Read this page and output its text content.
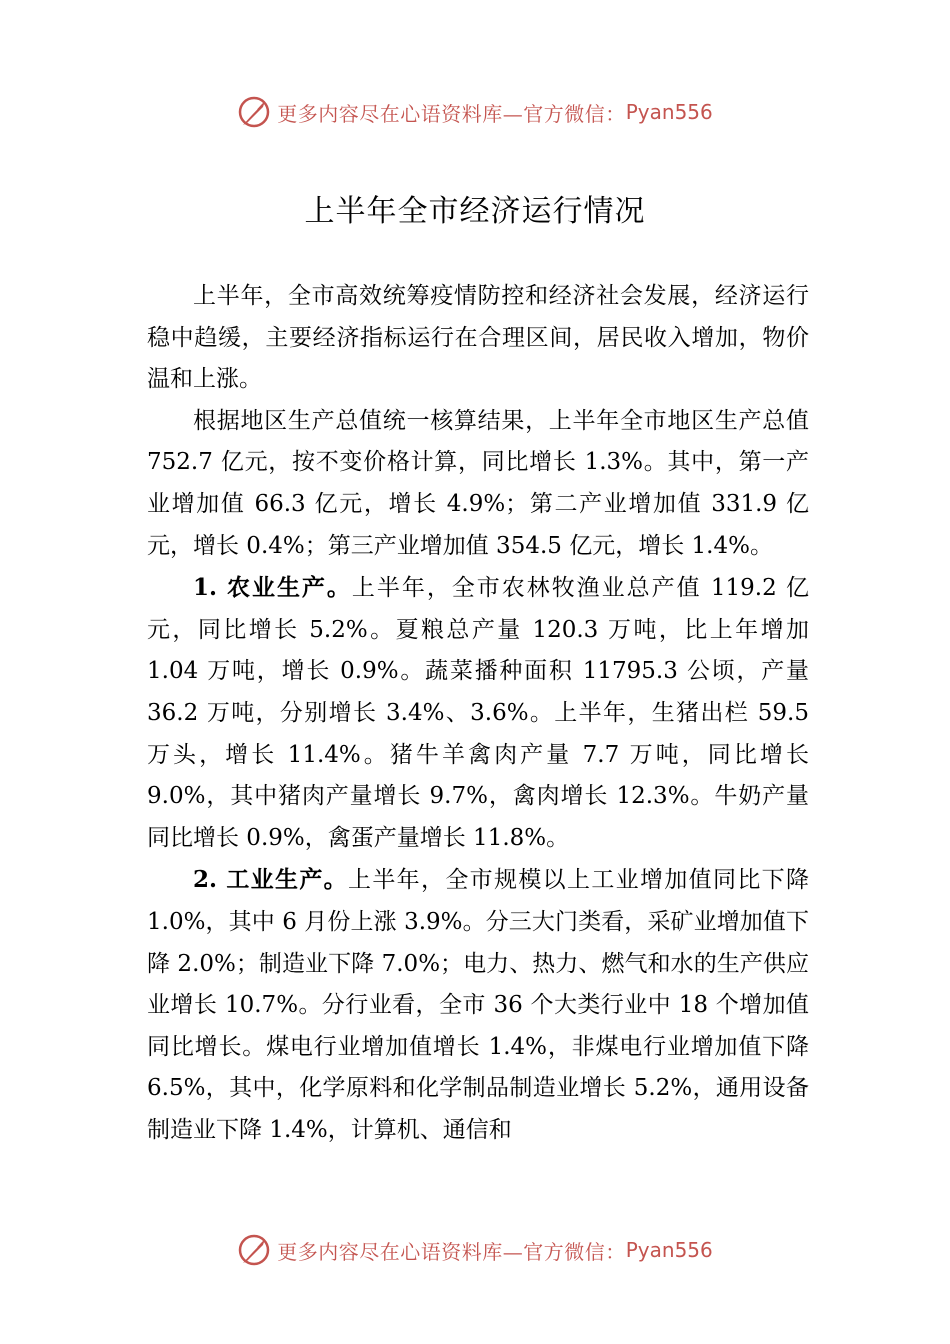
更多内容尽在心语资料库—官方微信： Pyan556
上半年全市经济运行情况

上半年，全市高效统筹疫情防控和经济社会发展，经济运行稳中趋缓，主要经济指标运行在合理区间，居民收入增加，物价温和上涨。

根据地区生产总值统一核算结果，上半年全市地区生产总值 752.7 亿元，按不变价格计算，同比增长 1.3%。其中，第一产业增加值 66.3 亿元，增长 4.9%；第二产业增加值 331.9 亿元，增长 0.4%；第三产业增加值 354.5 亿元，增长 1.4%。

1. 农业生产。上半年，全市农林牧渔业总产值 119.2 亿元，同比增长 5.2%。夏粮总产量 120.3 万吨，比上年增加 1.04 万吨，增长 0.9%。蔬菜播种面积 11795.3 公顷，产量 36.2 万吨，分别增长 3.4%、3.6%。上半年，生猪出栏 59.5 万头，增长 11.4%。猪牛羊禽肉产量 7.7 万吨，同比增长 9.0%，其中猪肉产量增长 9.7%，禽肉增长 12.3%。牛奶产量同比增长 0.9%，禽蛋产量增长 11.8%。

2. 工业生产。上半年，全市规模以上工业增加值同比下降 1.0%，其中 6 月份上涨 3.9%。分三大门类看，采矿业增加值下降 2.0%；制造业下降 7.0%；电力、热力、燃气和水的生产供应业增长 10.7%。分行业看，全市 36 个大类行业中 18 个增加值同比增长。煤电行业增加值增长 1.4%，非煤电行业增加值下降 6.5%，其中，化学原料和化学制品制造业增长 5.2%，通用设备制造业下降 1.4%，计算机、通信和

更多内容尽在心语资料库—官方微信： Pyan556
